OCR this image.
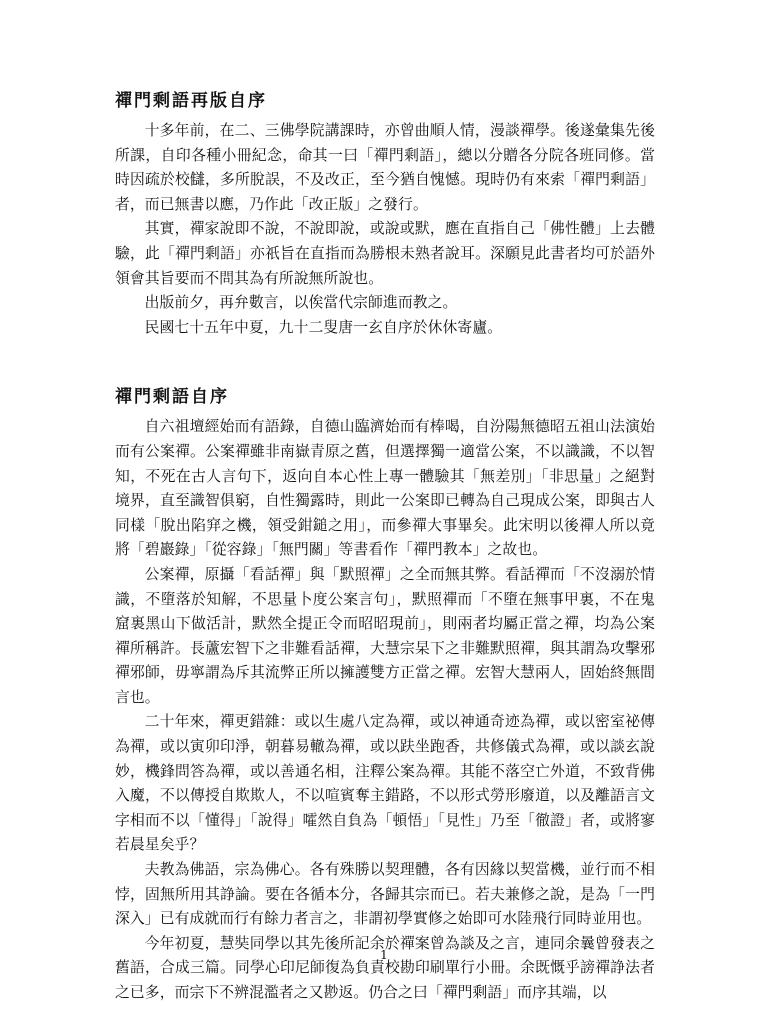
禪門剩語再版自序

十多年前，在二、三佛學院講課時，亦曾曲順人情，漫談禪學。後遂彙集先後所課，自印各種小冊紀念，命其一曰「禪門剩語」，總以分贈各分院各班同修。當時因疏於校讎，多所脫誤，不及改正，至今猶自愧憾。現時仍有來索「禪門剩語」者，而已無書以應，乃作此「改正版」之發行。

其實，禪家說即不說，不說即說，或說或默，應在直指自己「佛性體」上去體驗，此「禪門剩語」亦祇旨在直指而為勝根未熟者說耳。深願見此書者均可於語外領會其旨要而不問其為有所說無所說也。

出版前夕，再弁數言，以俟當代宗師進而教之。

民國七十五年中夏，九十二叟唐一玄自序於休休寄廬。

禪門剩語自序

自六祖壇經始而有語錄，自德山臨濟始而有棒喝，自汾陽無德昭五祖山法演始而有公案禪。公案禪雖非南嶽青原之舊，但選擇獨一適當公案，不以識識，不以智知，不死在古人言句下，返向自本心性上專一體驗其「無差別」「非思量」之絕對境界，直至識智俱窮，自性獨露時，則此一公案即已轉為自己現成公案，即與古人同樣「脫出陷穽之機，領受鉗鎚之用」，而參禪大事畢矣。此宋明以後禪人所以竟將「碧巖錄」「從容錄」「無門關」等書看作「禪門教本」之故也。

公案禪，原攝「看話禪」與「默照禪」之全而無其弊。看話禪而「不沒溺於情識，不墮落於知解，不思量卜度公案言句」，默照禪而「不墮在無事甲裏，不在鬼窟裏黑山下做活計，默然全提正令而昭昭現前」，則兩者均屬正當之禪，均為公案禪所稱許。長蘆宏智下之非難看話禪，大慧宗杲下之非難默照禪，與其謂為攻擊邪禪邪師，毋寧謂為斥其流弊正所以擁護雙方正當之禪。宏智大慧兩人，固始終無間言也。

二十年來，禪更錯雜：或以生處八定為禪，或以神通奇迹為禪，或以密室祕傳為禪，或以寅卯印淨，朝暮易轍為禪，或以趺坐跑香，共修儀式為禪，或以談玄說妙，機鋒問答為禪，或以善通名相，注釋公案為禪。其能不落空亡外道，不致背佛入魔，不以傳授自欺欺人，不以喧賓奪主錯路，不以形式勞形廢道，以及離語言文字相而不以「懂得」「說得」嚯然自負為「頓悟」「見性」乃至「徹證」者，或將寥若晨星矣乎？

夫教為佛語，宗為佛心。各有殊勝以契理體，各有因緣以契當機，並行而不相悖，固無所用其諍論。要在各循本分，各歸其宗而已。若夫兼修之說，是為「一門深入」已有成就而行有餘力者言之，非謂初學實修之始即可水陸飛行同時並用也。

今年初夏，慧奘同學以其先後所記余於禪案曾為談及之言，連同余曩曾發表之舊語，合成三篇。同學心印尼師復為負責校勘印刷單行小冊。余既慨乎謗禪諍法者之已多，而宗下不辨混濫者之又尠返。仍合之曰「禪門剩語」而序其端，以

1
